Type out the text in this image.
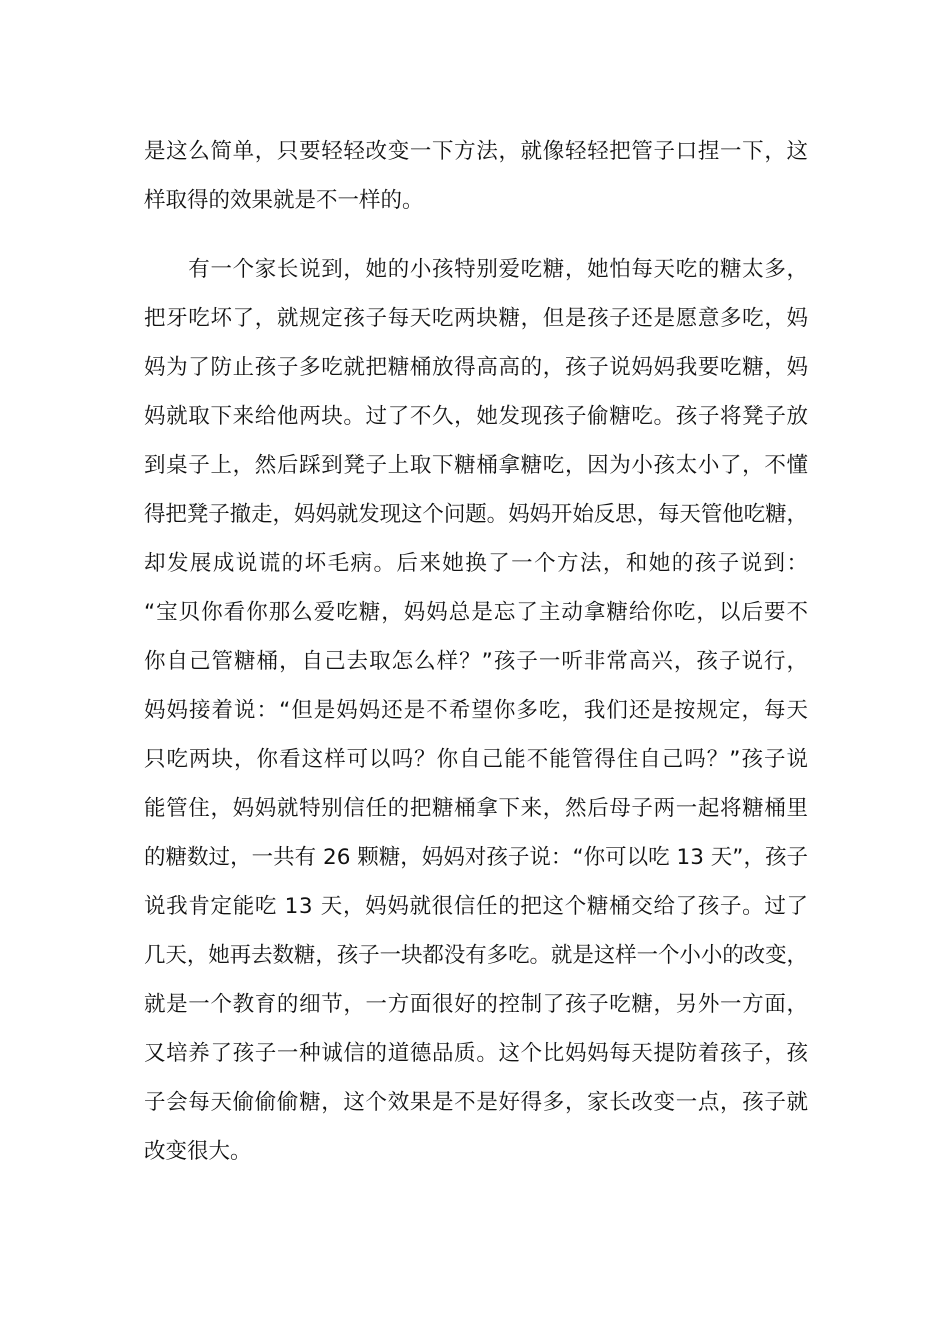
是这么简单，只要轻轻改变一下方法，就像轻轻把管子口捏一下，这
样取得的效果就是不一样的。
　　有一个家长说到，她的小孩特别爱吃糖，她怕每天吃的糖太多，
把牙吃坏了，就规定孩子每天吃两块糖，但是孩子还是愿意多吃，妈
妈为了防止孩子多吃就把糖桶放得高高的，孩子说妈妈我要吃糖，妈
妈就取下来给他两块。过了不久，她发现孩子偷糖吃。孩子将凳子放
到桌子上，然后踩到凳子上取下糖桶拿糖吃，因为小孩太小了，不懂
得把凳子撤走，妈妈就发现这个问题。妈妈开始反思，每天管他吃糖，
却发展成说谎的坏毛病。后来她换了一个方法，和她的孩子说到：
“宝贝你看你那么爱吃糖，妈妈总是忘了主动拿糖给你吃，以后要不
你自己管糖桶，自己去取怎么样？”孩子一听非常高兴，孩子说行，
妈妈接着说：“但是妈妈还是不希望你多吃，我们还是按规定，每天
只吃两块，你看这样可以吗？你自己能不能管得住自己吗？”孩子说
能管住，妈妈就特别信任的把糖桶拿下来，然后母子两一起将糖桶里
的糖数过，一共有 26 颗糖，妈妈对孩子说：“你可以吃 13 天”，孩子
说我肯定能吃 13 天，妈妈就很信任的把这个糖桶交给了孩子。过了
几天，她再去数糖，孩子一块都没有多吃。就是这样一个小小的改变，
就是一个教育的细节，一方面很好的控制了孩子吃糖，另外一方面，
又培养了孩子一种诚信的道德品质。这个比妈妈每天提防着孩子，孩
子会每天偷偷偷糖，这个效果是不是好得多，家长改变一点，孩子就
改变很大。
